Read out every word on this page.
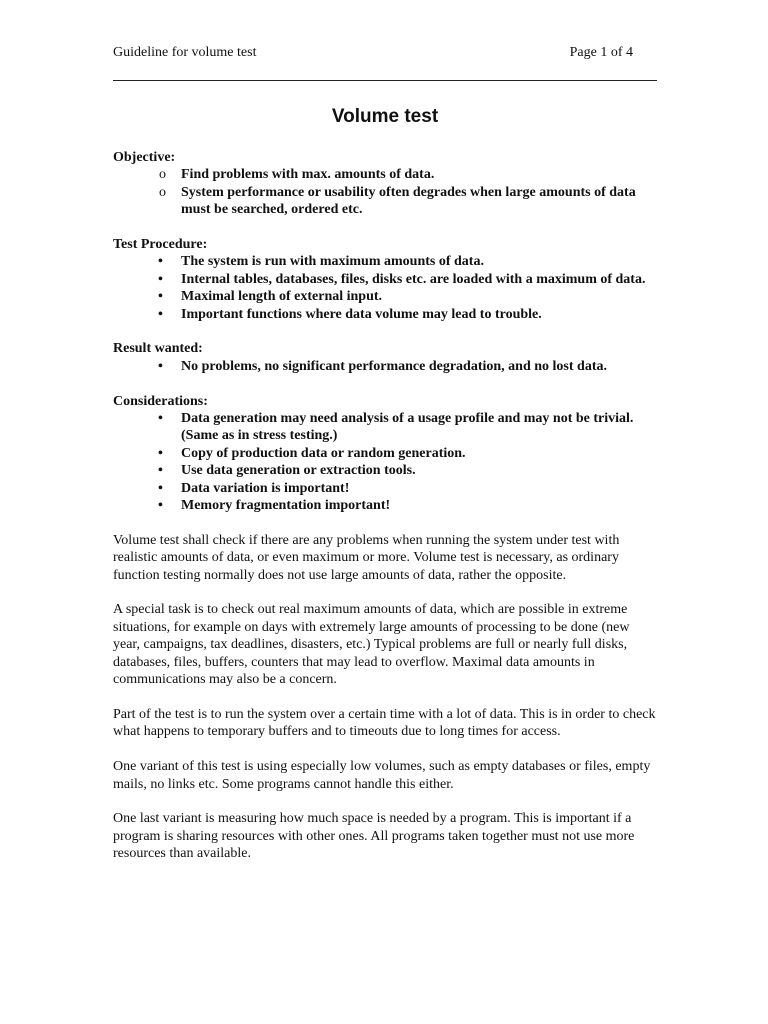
Guideline for volume test	Page 1 of 4
Volume test
Objective:
o	Find problems with max. amounts of data.
o	System performance or usability often degrades when large amounts of data must be searched, ordered etc.
Test Procedure:
•	The system is run with maximum amounts of data.
•	Internal tables, databases, files, disks etc. are loaded with a maximum of data.
•	Maximal length of external input.
•	Important functions where data volume may lead to trouble.
Result wanted:
•	No problems, no significant performance degradation, and no lost data.
Considerations:
•	Data generation may need analysis of a usage profile and may not be trivial. (Same as in stress testing.)
•	Copy of production data or random generation.
•	Use data generation or extraction tools.
•	Data variation is important!
•	Memory fragmentation important!

Volume test shall check if there are any problems when running the system under test with realistic amounts of data, or even maximum or more. Volume test is necessary, as ordinary function testing normally does not use large amounts of data, rather the opposite.

A special task is to check out real maximum amounts of data, which are possible in extreme situations, for example on days with extremely large amounts of processing to be done (new year, campaigns, tax deadlines, disasters, etc.) Typical problems are full or nearly full disks, databases, files, buffers, counters that may lead to overflow. Maximal data amounts in communications may also be a concern.

Part of the test is to run the system over a certain time with a lot of data. This is in order to check what happens to temporary buffers and to timeouts due to long times for access.

One variant of this test is using especially low volumes, such as empty databases or files, empty mails, no links etc. Some programs cannot handle this either.

One last variant is measuring how much space is needed by a program. This is important if a program is sharing resources with other ones. All programs taken together must not use more resources than available.
